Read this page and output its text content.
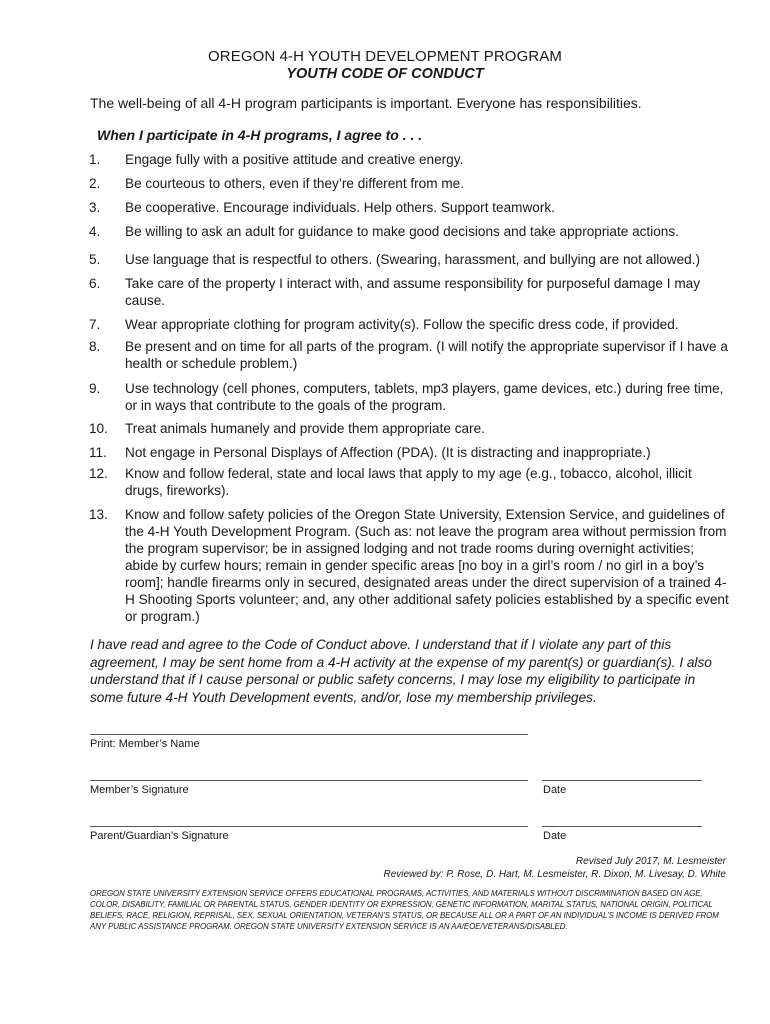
OREGON 4-H YOUTH DEVELOPMENT PROGRAM
YOUTH CODE OF CONDUCT
The well-being of all 4-H program participants is important. Everyone has responsibilities.
When I participate in 4-H programs, I agree to . . .
1.	Engage fully with a positive attitude and creative energy.
2.	Be courteous to others, even if they’re different from me.
3.	Be cooperative. Encourage individuals. Help others. Support teamwork.
4.	Be willing to ask an adult for guidance to make good decisions and take appropriate actions.
5.	Use language that is respectful to others. (Swearing, harassment, and bullying are not allowed.)
6.	Take care of the property I interact with, and assume responsibility for purposeful damage I may cause.
7.	Wear appropriate clothing for program activity(s). Follow the specific dress code, if provided.
8.	Be present and on time for all parts of the program. (I will notify the appropriate supervisor if I have a health or schedule problem.)
9.	Use technology (cell phones, computers, tablets, mp3 players, game devices, etc.) during free time, or in ways that contribute to the goals of the program.
10.	Treat animals humanely and provide them appropriate care.
11.	Not engage in Personal Displays of Affection (PDA). (It is distracting and inappropriate.)
12.	Know and follow federal, state and local laws that apply to my age (e.g., tobacco, alcohol, illicit drugs, fireworks).
13.	Know and follow safety policies of the Oregon State University, Extension Service, and guidelines of the 4-H Youth Development Program. (Such as: not leave the program area without permission from the program supervisor; be in assigned lodging and not trade rooms during overnight activities; abide by curfew hours; remain in gender specific areas [no boy in a girl’s room / no girl in a boy’s room]; handle firearms only in secured, designated areas under the direct supervision of a trained 4-H Shooting Sports volunteer; and, any other additional safety policies established by a specific event or program.)
I have read and agree to the Code of Conduct above. I understand that if I violate any part of this agreement, I may be sent home from a 4-H activity at the expense of my parent(s) or guardian(s). I also understand that if I cause personal or public safety concerns, I may lose my eligibility to participate in some future 4-H Youth Development events, and/or, lose my membership privileges.
Print: Member’s Name
Member’s Signature	Date
Parent/Guardian’s Signature	Date
Revised July 2017, M. Lesmeister
Reviewed by: P. Rose, D. Hart, M. Lesmeister, R. Dixon, M. Livesay, D. White
OREGON STATE UNIVERSITY EXTENSION SERVICE OFFERS EDUCATIONAL PROGRAMS, ACTIVITIES, AND MATERIALS WITHOUT DISCRIMINATION BASED ON AGE, COLOR, DISABILITY, FAMILIAL OR PARENTAL STATUS, GENDER IDENTITY OR EXPRESSION, GENETIC INFORMATION, MARITAL STATUS, NATIONAL ORIGIN, POLITICAL BELIEFS, RACE, RELIGION, REPRISAL, SEX, SEXUAL ORIENTATION, VETERAN’S STATUS, OR BECAUSE ALL OR A PART OF AN INDIVIDUAL’S INCOME IS DERIVED FROM ANY PUBLIC ASSISTANCE PROGRAM. OREGON STATE UNIVERSITY EXTENSION SERVICE IS AN AA/EOE/VETERANS/DISABLED.
